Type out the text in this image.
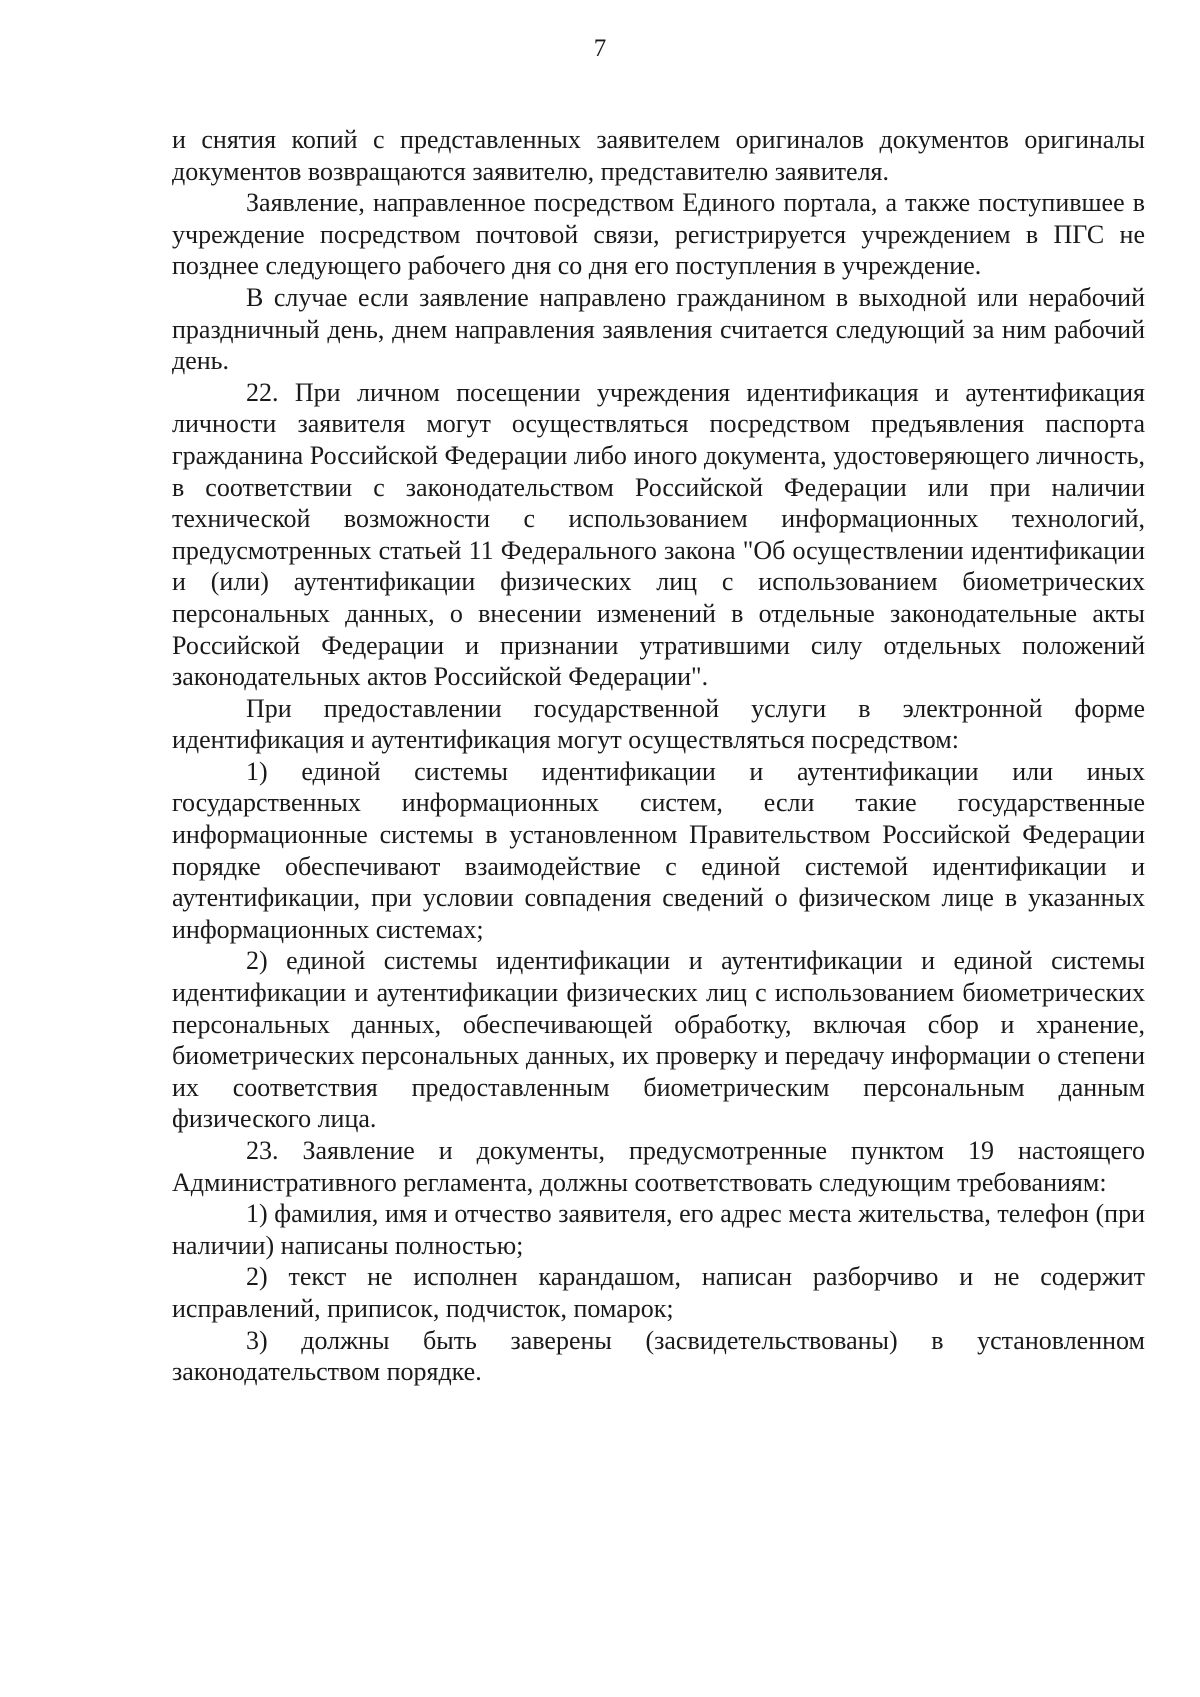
7

и снятия копий с представленных заявителем оригиналов документов оригиналы документов возвращаются заявителю, представителю заявителя.

Заявление, направленное посредством Единого портала, а также поступившее в учреждение посредством почтовой связи, регистрируется учреждением в ПГС не позднее следующего рабочего дня со дня его поступления в учреждение.

В случае если заявление направлено гражданином в выходной или нерабочий праздничный день, днем направления заявления считается следующий за ним рабочий день.

22. При личном посещении учреждения идентификация и аутентификация личности заявителя могут осуществляться посредством предъявления паспорта гражданина Российской Федерации либо иного документа, удостоверяющего личность, в соответствии с законодательством Российской Федерации или при наличии технической возможности с использованием информационных технологий, предусмотренных статьей 11 Федерального закона "Об осуществлении идентификации и (или) аутентификации физических лиц с использованием биометрических персональных данных, о внесении изменений в отдельные законодательные акты Российской Федерации и признании утратившими силу отдельных положений законодательных актов Российской Федерации".

При предоставлении государственной услуги в электронной форме идентификация и аутентификация могут осуществляться посредством:

1) единой системы идентификации и аутентификации или иных государственных информационных систем, если такие государственные информационные системы в установленном Правительством Российской Федерации порядке обеспечивают взаимодействие с единой системой идентификации и аутентификации, при условии совпадения сведений о физическом лице в указанных информационных системах;

2) единой системы идентификации и аутентификации и единой системы идентификации и аутентификации физических лиц с использованием биометрических персональных данных, обеспечивающей обработку, включая сбор и хранение, биометрических персональных данных, их проверку и передачу информации о степени их соответствия предоставленным биометрическим персональным данным физического лица.

23. Заявление и документы, предусмотренные пунктом 19 настоящего Административного регламента, должны соответствовать следующим требованиям:

1) фамилия, имя и отчество заявителя, его адрес места жительства, телефон (при наличии) написаны полностью;

2) текст не исполнен карандашом, написан разборчиво и не содержит исправлений, приписок, подчисток, помарок;

3) должны быть заверены (засвидетельствованы) в установленном законодательством порядке.
